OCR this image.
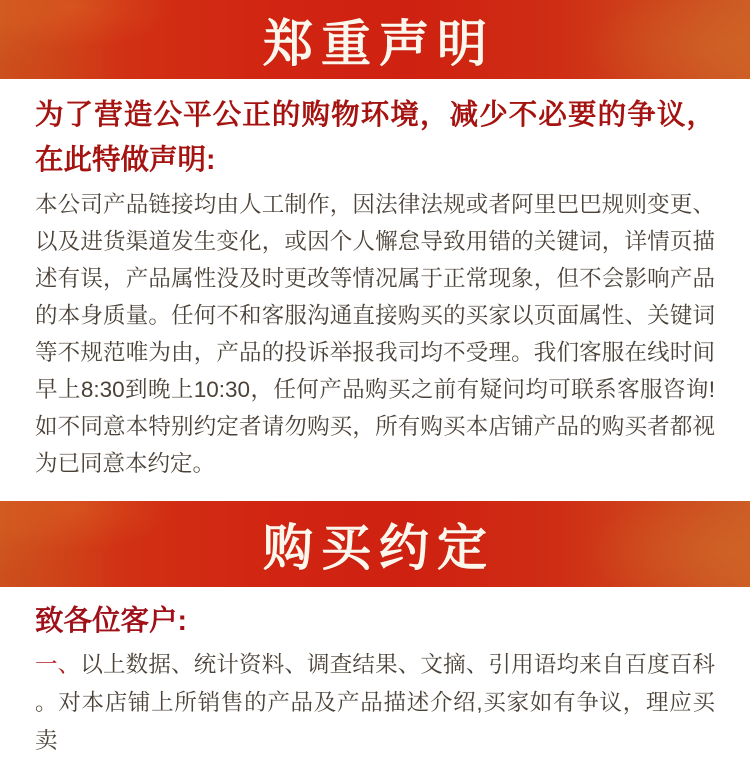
郑重声明
为了营造公平公正的购物环境，减少不必要的争议，
在此特做声明:
本公司产品链接均由人工制作，因法律法规或者阿里巴巴规则变更、
以及进货渠道发生变化，或因个人懈怠导致用错的关键词，详情页描
述有误，产品属性没及时更改等情况属于正常现象，但不会影响产品
的本身质量。任何不和客服沟通直接购买的买家以页面属性、关键词
等不规范唯为由，产品的投诉举报我司均不受理。我们客服在线时间
早上8:30到晚上10:30，任何产品购买之前有疑问均可联系客服咨询!
如不同意本特别约定者请勿购买，所有购买本店铺产品的购买者都视
为已同意本约定。
购买约定
致各位客户:
一、以上数据、统计资料、调查结果、文摘、引用语均来自百度百科
。对本店铺上所销售的产品及产品描述介绍,买家如有争议，理应买卖
